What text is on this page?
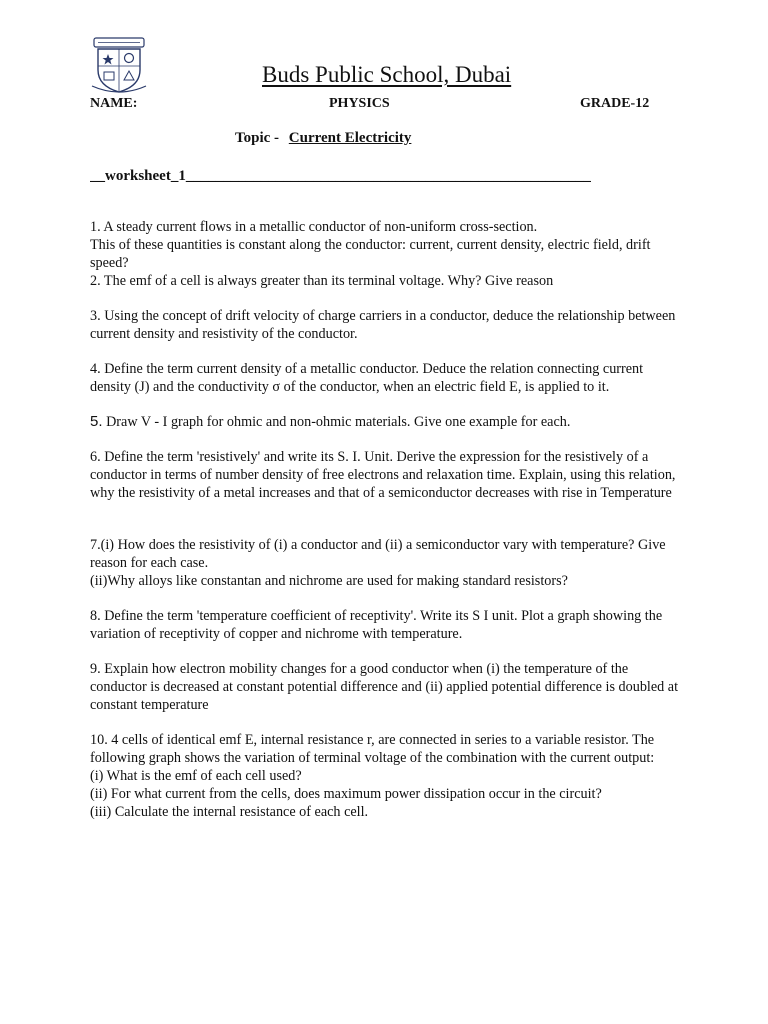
Buds Public School, Dubai
NAME:	PHYSICS	GRADE-12
Topic - Current Electricity
__worksheet_1______________________________________________________

1. A steady current flows in a metallic conductor of non-uniform cross-section.

This of these quantities is constant along the conductor: current, current density, electric field, drift speed?

2. The emf of a cell is always greater than its terminal voltage. Why? Give reason

3. Using the concept of drift velocity of charge carriers in a conductor, deduce the relationship between current density and resistivity of the conductor.

4. Define the term current density of a metallic conductor. Deduce the relation connecting current density (J) and the conductivity σ of the conductor, when an electric field E, is applied to it.

5. Draw V - I graph for ohmic and non-ohmic materials. Give one example for each.

6. Define the term 'resistively' and write its S. I. Unit. Derive the expression for the resistively of a conductor in terms of number density of free electrons and relaxation time. Explain, using this relation, why the resistivity of a metal increases and that of a semiconductor decreases with rise in Temperature

7.(i) How does the resistivity of (i) a conductor and (ii) a semiconductor vary with temperature? Give reason for each case.

(ii)Why alloys like constantan and nichrome are used for making standard resistors?

8. Define the term 'temperature coefficient of receptivity'. Write its S I unit. Plot a graph showing the variation of receptivity of copper and nichrome with temperature.

9. Explain how electron mobility changes for a good conductor when (i) the temperature of the conductor is decreased at constant potential difference and (ii) applied potential difference is doubled at constant temperature

10. 4 cells of identical emf E, internal resistance r, are connected in series to a variable resistor. The following graph shows the variation of terminal voltage of the combination with the current output:

(i) What is the emf of each cell used?

(ii) For what current from the cells, does maximum power dissipation occur in the circuit?

(iii) Calculate the internal resistance of each cell.
